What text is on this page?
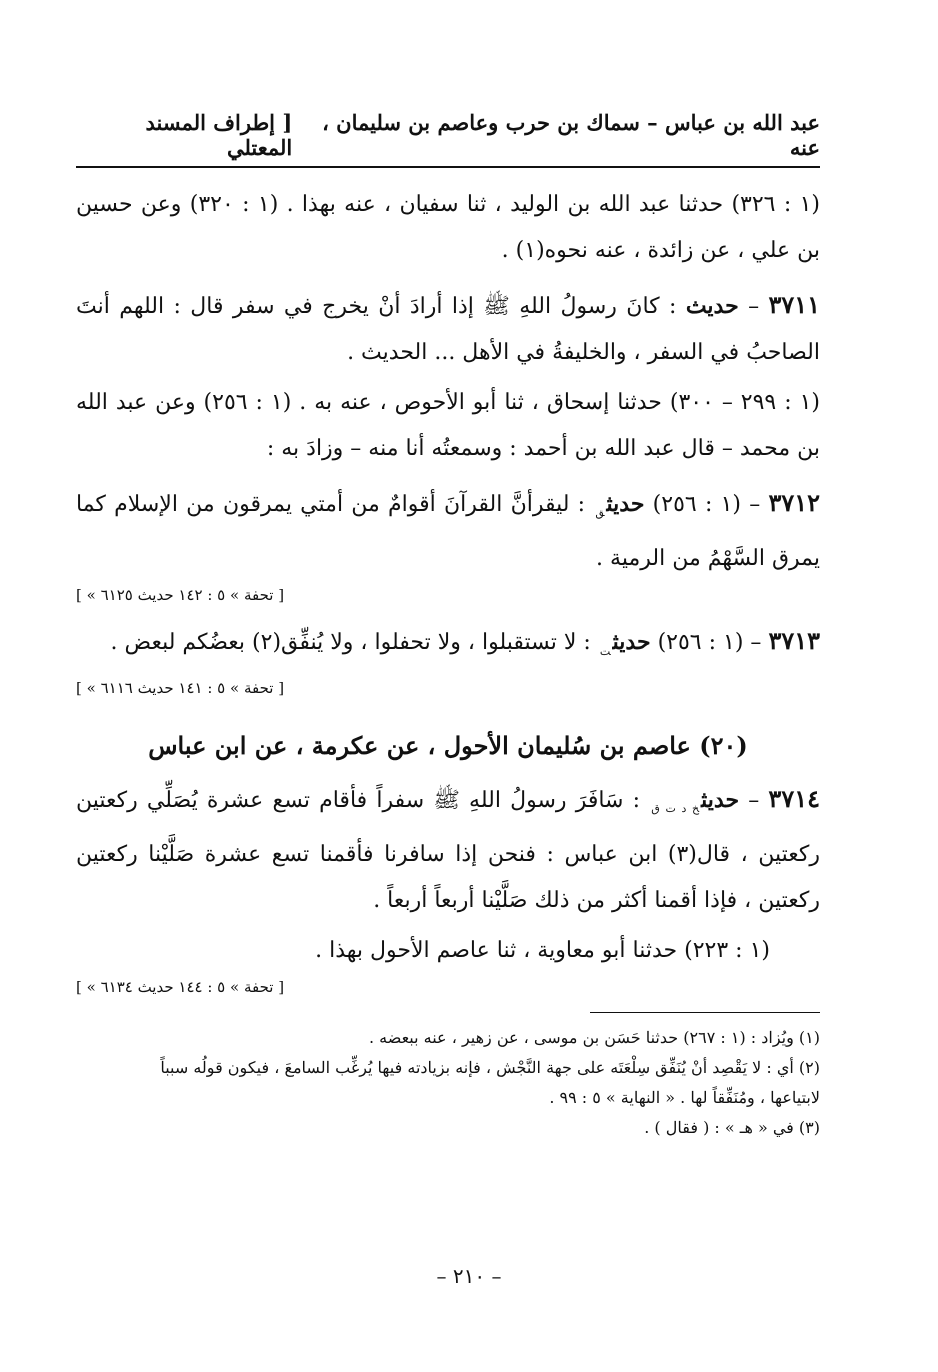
عبد الله بن عباس – سماك بن حرب وعاصم بن سليمان ، عنه
[ إطراف المسند المعتلي

(١ : ٣٢٦) حدثنا عبد الله بن الوليد ، ثنا سفيان ، عنه بهذا . (١ : ٣٢٠) وعن حسين بن علي ، عن زائدة ، عنه نحوه(١) .

٣٧١١ – حديث : كانَ رسولُ اللهِ ﷺ إذا أرادَ أنْ يخرج في سفر قال : اللهم أنتَ الصاحبُ في السفر ، والخليفةُ في الأهل ... الحديث .

(١ : ٢٩٩ – ٣٠٠) حدثنا إسحاق ، ثنا أبو الأحوص ، عنه به . (١ : ٢٥٦) وعن عبد الله بن محمد – قال عبد الله بن أحمد : وسمعتُه أنا منه – وزادَ به :

٣٧١٢ – (١ : ٢٥٦) حديث$_ق$ : ليقرأنَّ القرآنَ أقوامٌ من أمتي يمرقون من الإسلام كما يمرق السَّهْمُ من الرمية .

[ « تحفة » ٥ : ١٤٢ حديث ٦١٢٥ ]

٣٧١٣ – (١ : ٢٥٦) حديث$_ت$ : لا تستقبلوا ، ولا تحفلوا ، ولا يُنفِّق(٢) بعضُكم لبعض .

[ « تحفة » ٥ : ١٤١ حديث ٦١١٦ ]
(٢٠) عاصم بن سُليمان الأحول ، عن عكرمة ، عن ابن عباس

٣٧١٤ – حديث$_{خ د ت ق}$ : سَافَرَ رسولُ اللهِ ﷺ سفراً فأقام تسع عشرة يُصَلِّي ركعتين ركعتين ، قال(٣) ابن عباس : فنحن إذا سافرنا فأقمنا تسع عشرة صَلَّيْنا ركعتين ركعتين ، فإذا أقمنا أكثر من ذلك صَلَّيْنا أربعاً أربعاً .

(١ : ٢٢٣) حدثنا أبو معاوية ، ثنا عاصم الأحول بهذا .

[ « تحفة » ٥ : ١٤٤ حديث ٦١٣٤ ]
(١) ويُزاد : (١ : ٢٦٧) حدثنا حَسَن بن موسى ، عن زهير ، عنه ببعضه .
(٢) أي : لا يَقْصِد أنْ يُنَفِّق سِلْعَتَه على جهة النَّجْش ، فإنه بزيادته فيها يُرغِّب السامعَ ، فيكون قولُه سبباً
لابتياعها ، ومُنَفِّقاً لها . « النهاية » ٥ : ٩٩ .
(٣) في « هـ » : ( فقال ) .
– ٢١٠ –
